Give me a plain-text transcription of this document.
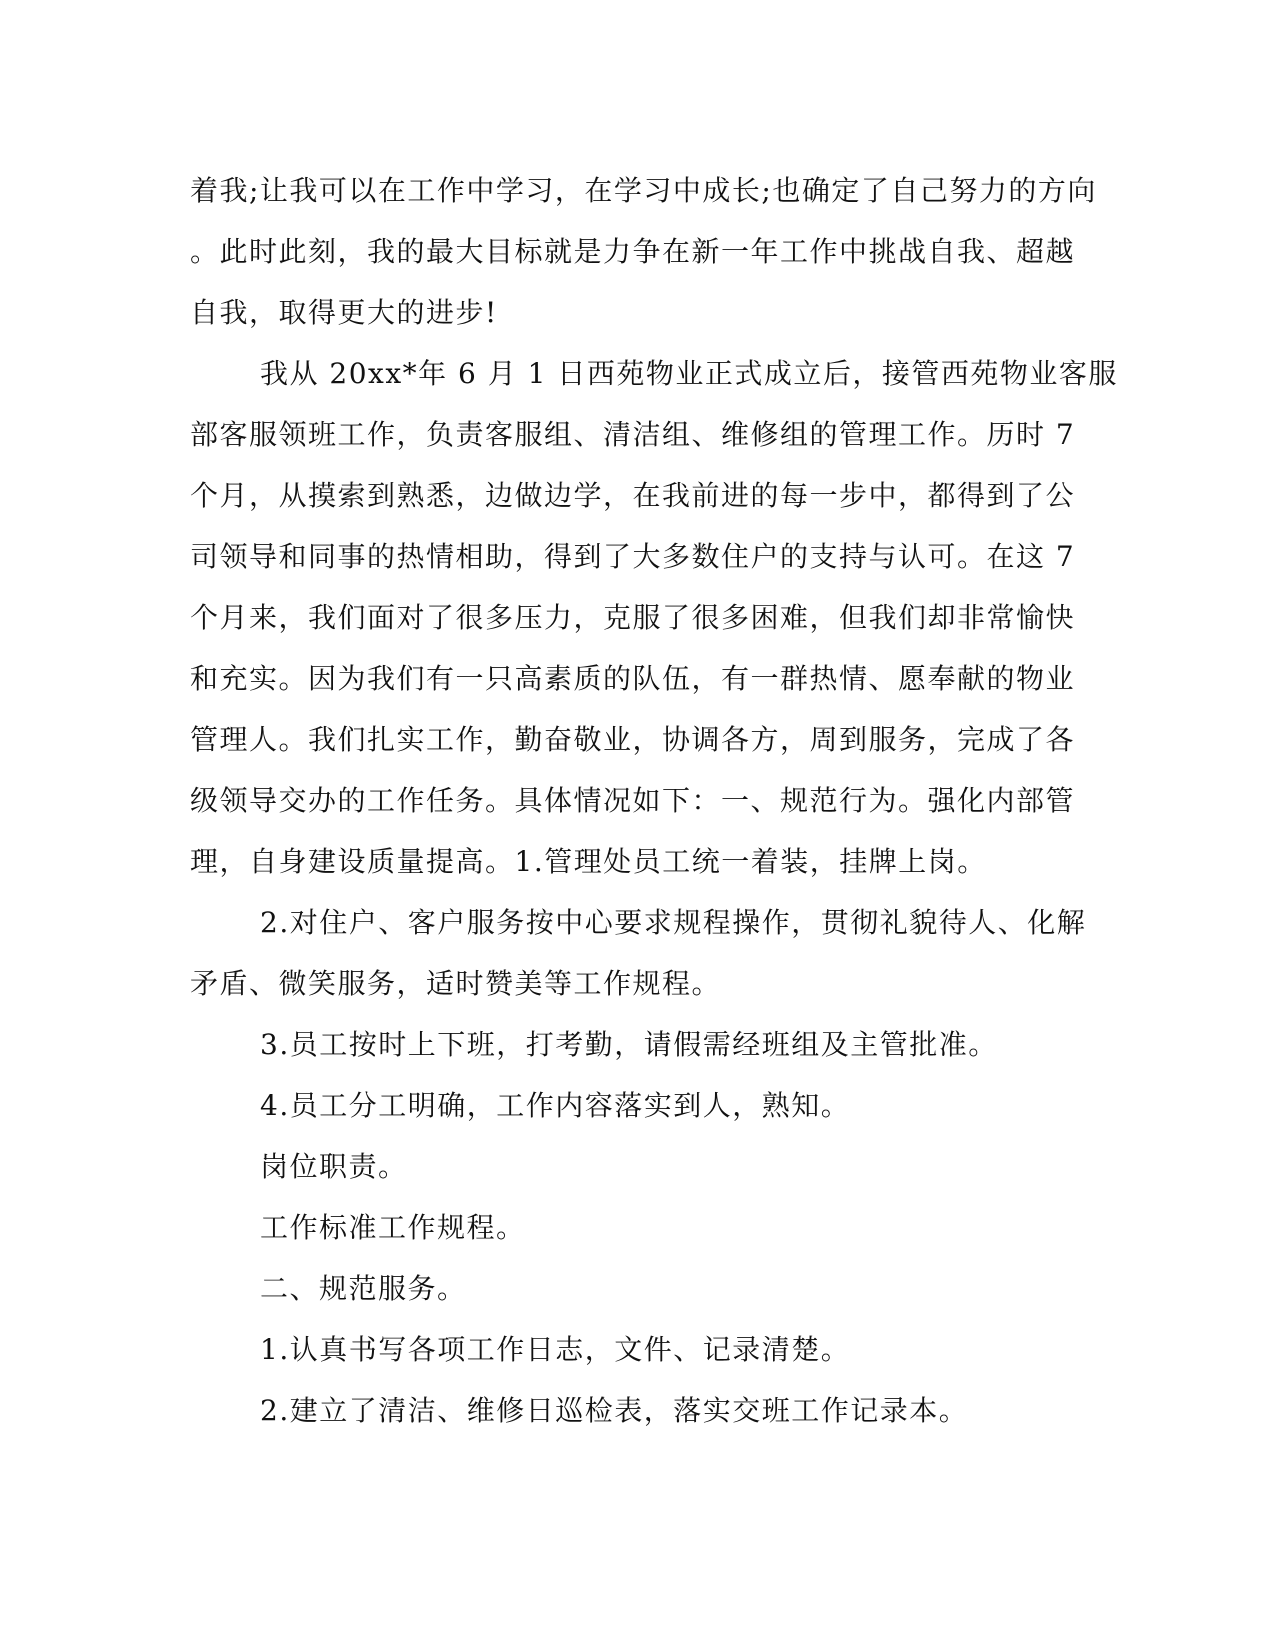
着我;让我可以在工作中学习，在学习中成长;也确定了自己努力的方向
。此时此刻，我的最大目标就是力争在新一年工作中挑战自我、超越
自我，取得更大的进步!
我从 20xx*年 6 月 1 日西苑物业正式成立后，接管西苑物业客服
部客服领班工作，负责客服组、清洁组、维修组的管理工作。历时 7
个月，从摸索到熟悉，边做边学，在我前进的每一步中，都得到了公
司领导和同事的热情相助，得到了大多数住户的支持与认可。在这 7
个月来，我们面对了很多压力，克服了很多困难，但我们却非常愉快
和充实。因为我们有一只高素质的队伍，有一群热情、愿奉献的物业
管理人。我们扎实工作，勤奋敬业，协调各方，周到服务，完成了各
级领导交办的工作任务。具体情况如下：一、规范行为。强化内部管
理，自身建设质量提高。1.管理处员工统一着装，挂牌上岗。
2.对住户、客户服务按中心要求规程操作，贯彻礼貌待人、化解
矛盾、微笑服务，适时赞美等工作规程。
3.员工按时上下班，打考勤，请假需经班组及主管批准。
4.员工分工明确，工作内容落实到人，熟知。
岗位职责。
工作标准工作规程。
二、规范服务。
1.认真书写各项工作日志，文件、记录清楚。
2.建立了清洁、维修日巡检表，落实交班工作记录本。
